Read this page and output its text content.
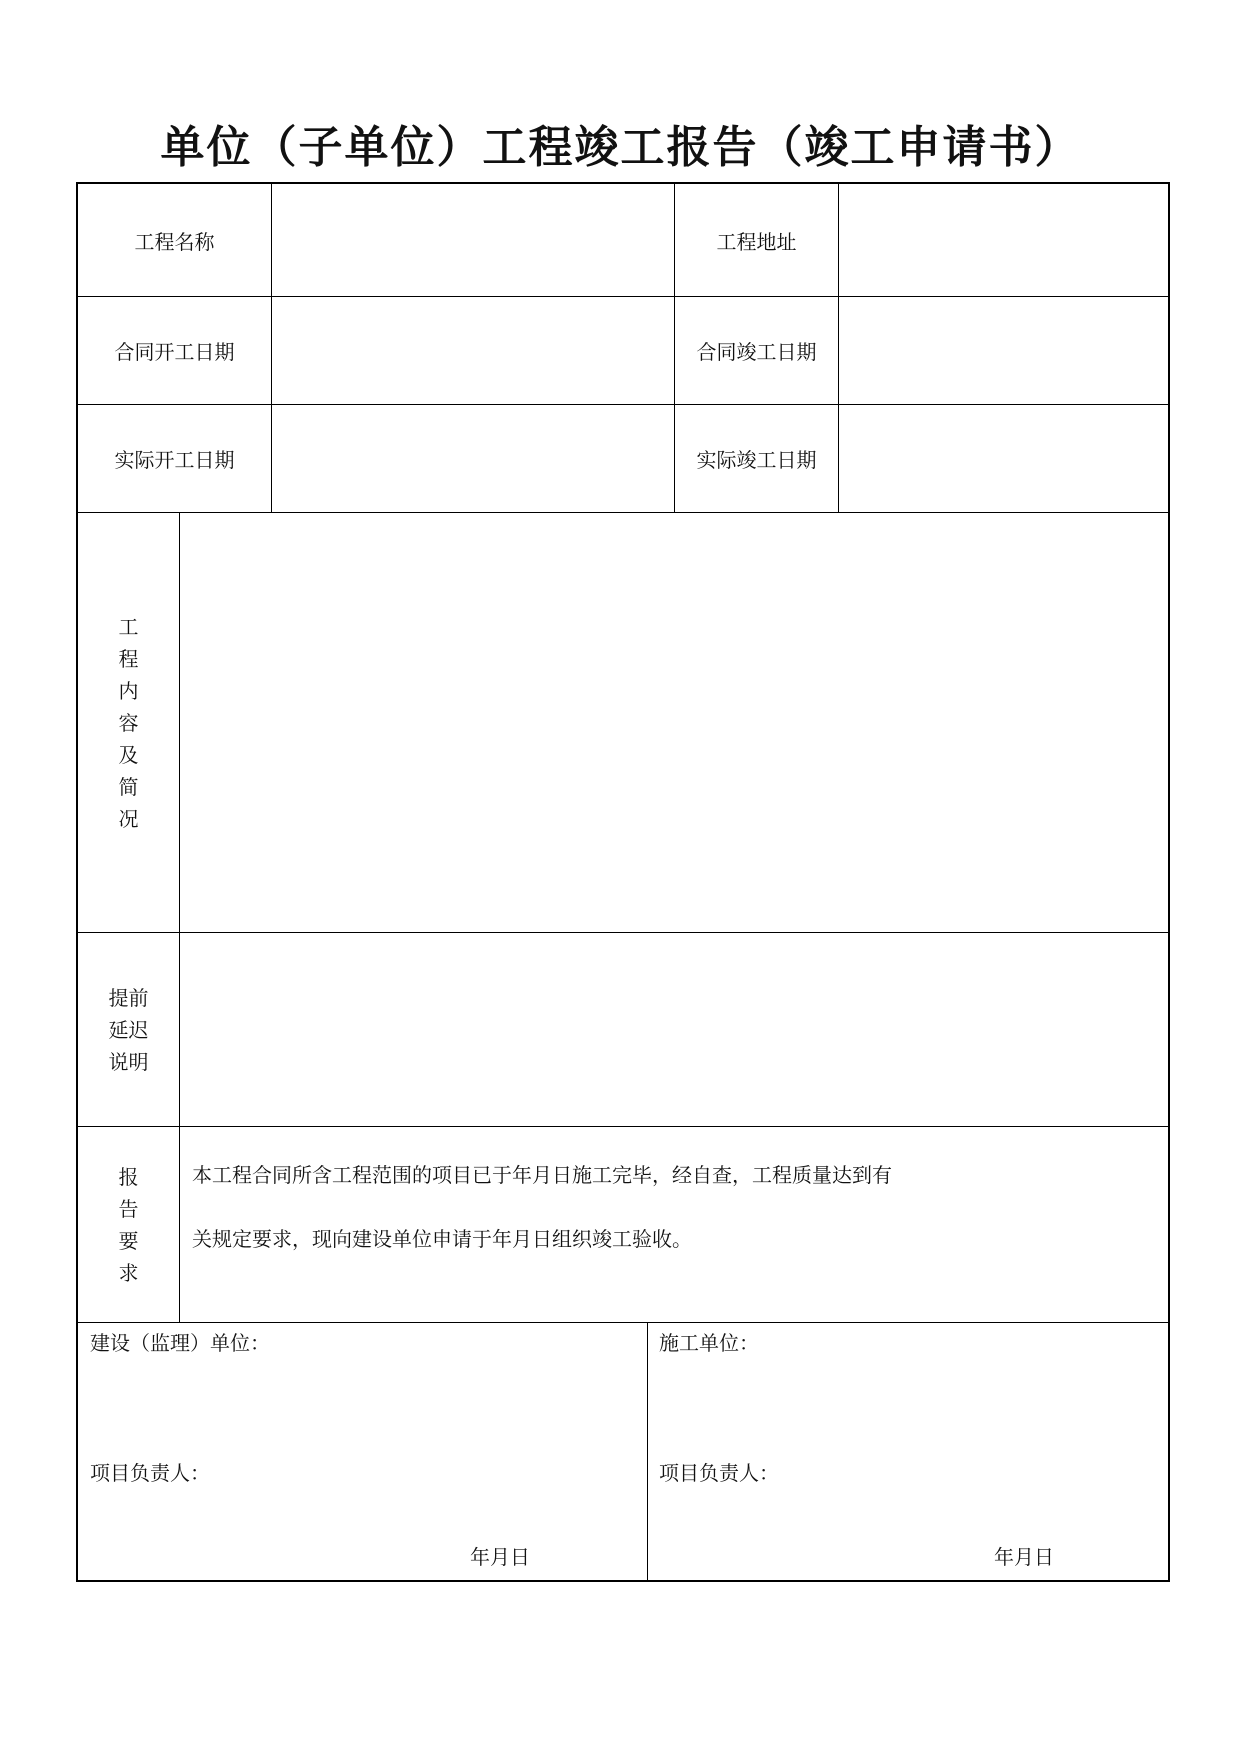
单位（子单位）工程竣工报告（竣工申请书）
工程名称	工程地址
合同开工日期	合同竣工日期
实际开工日期	实际竣工日期
工程内容及简况
提前
延迟
说明
报告要求
本工程合同所含工程范围的项目已于年月日施工完毕，经自查，工程质量达到有
关规定要求，现向建设单位申请于年月日组织竣工验收。
建设（监理）单位：
项目负责人：
年月日
施工单位：
项目负责人：
年月日
